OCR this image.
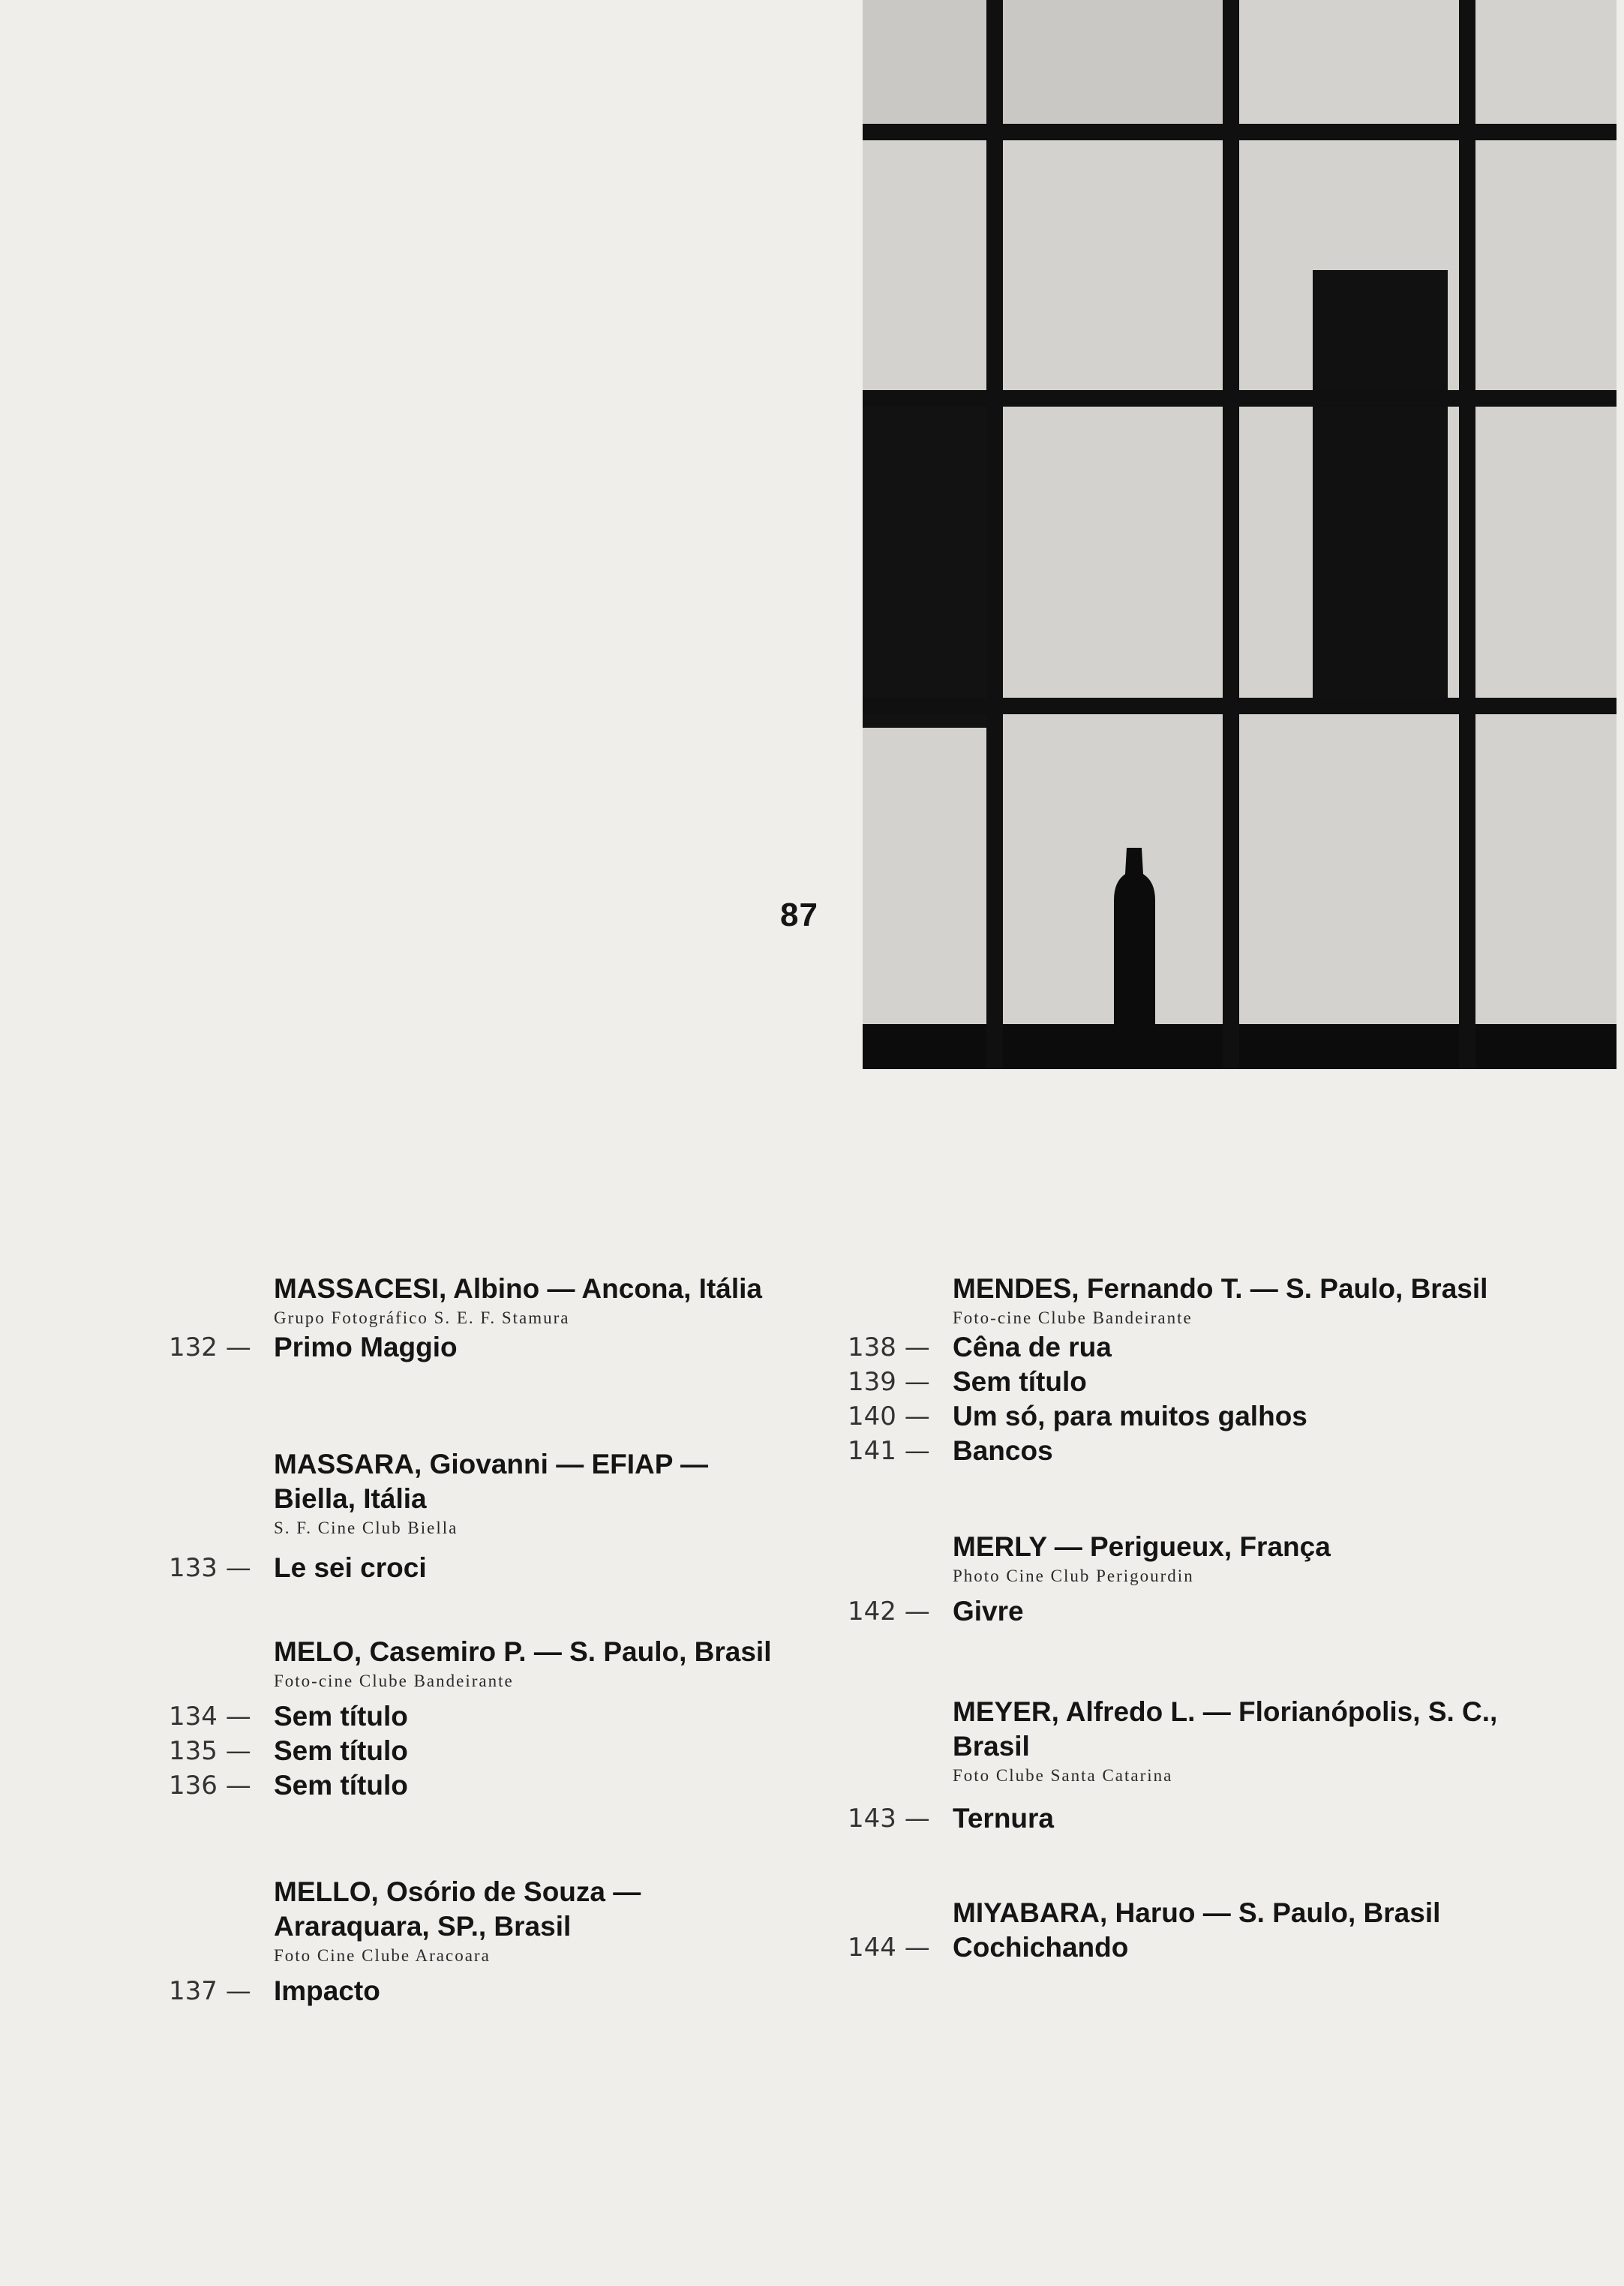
87
MASSACESI, Albino — Ancona, Itália
Grupo Fotográfico S. E. F. Stamura
132 — Primo Maggio
MASSARA, Giovanni — EFIAP — Biella, Itália
S. F. Cine Club Biella
133 — Le sei croci
MELO, Casemiro P. — S. Paulo, Brasil
Foto-cine Clube Bandeirante
134 — Sem título
135 — Sem título
136 — Sem título
MELLO, Osório de Souza — Araraquara, SP., Brasil
Foto Cine Clube Aracoara
137 — Impacto
MENDES, Fernando T. — S. Paulo, Brasil
Foto-cine Clube Bandeirante
138 — Cêna de rua
139 — Sem título
140 — Um só, para muitos galhos
141 — Bancos
MERLY — Perigueux, França
Photo Cine Club Perigourdin
142 — Givre
MEYER, Alfredo L. — Florianópolis, S. C., Brasil
Foto Clube Santa Catarina
143 — Ternura
MIYABARA, Haruo — S. Paulo, Brasil
144 — Cochichando
